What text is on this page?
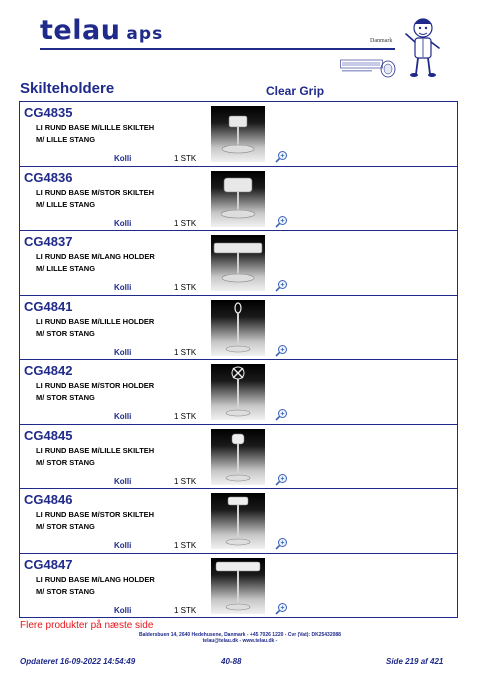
telau aps	Danmark
Skilteholdere	Clear Grip
CG4835
LI RUND BASE M/LILLE SKILTEH
M/ LILLE STANG
Kolli	1 STK
CG4836
LI RUND BASE M/STOR SKILTEH
M/ LILLE STANG
Kolli	1 STK
CG4837
LI RUND BASE M/LANG HOLDER
M/ LILLE STANG
Kolli	1 STK
CG4841
LI RUND BASE M/LILLE HOLDER
M/ STOR STANG
Kolli	1 STK
CG4842
LI RUND BASE M/STOR HOLDER
M/ STOR STANG
Kolli	1 STK
CG4845
LI RUND BASE M/LILLE SKILTEH
M/ STOR STANG
Kolli	1 STK
CG4846
LI RUND BASE M/STOR SKILTEH
M/ STOR STANG
Kolli	1 STK
CG4847
LI RUND BASE M/LANG HOLDER
M/ STOR STANG
Kolli	1 STK
Flere produkter på næste side
Baldersbuen 14, 2640 Hedehusene, Danmark - +45 7026 1220 - Cvr (Vat): DK25432088
telau@telau.dk - www.telau.dk -
Opdateret 16-09-2022 14:54:49	40-88	Side 219 af 421
